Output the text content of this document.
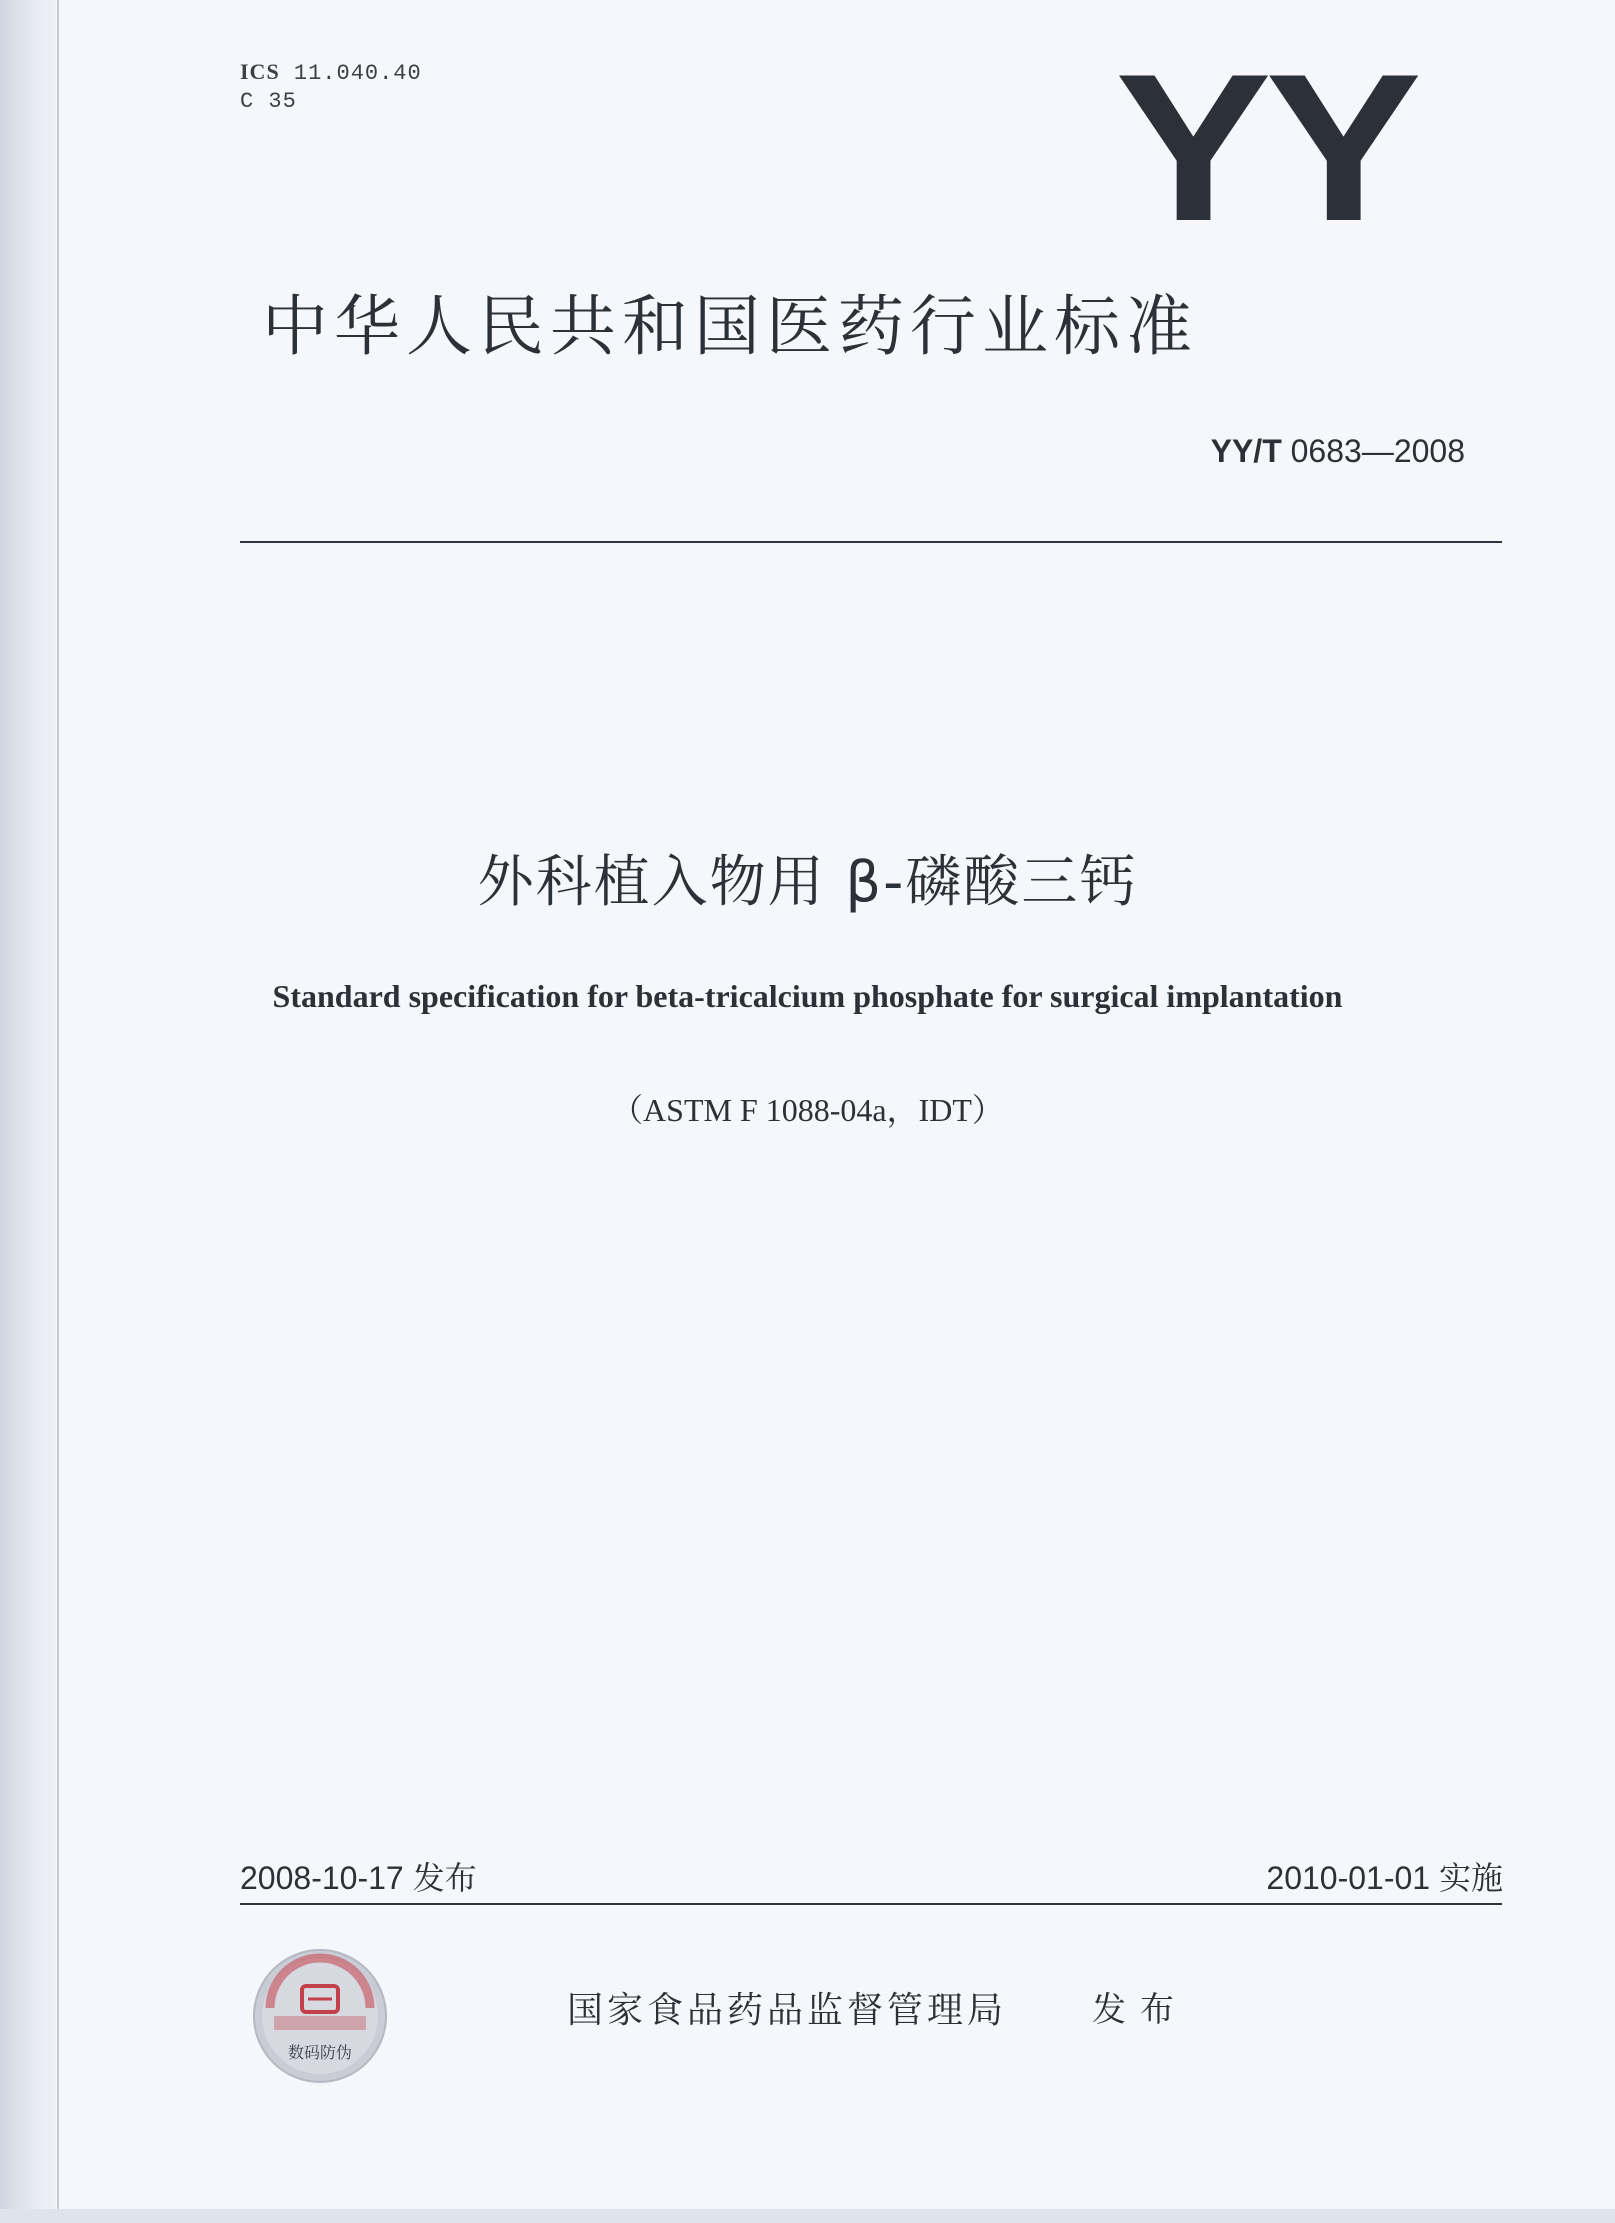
ICS 11.040.40
C 35	YY
中华人民共和国医药行业标准
YY/T 0683—2008
外科植入物用 β-磷酸三钙
Standard specification for beta-tricalcium phosphate for surgical implantation
（ASTM F 1088-04a，IDT）
2008-10-17 发布	2010-01-01 实施
数码防伪
国家食品药品监督管理局 发布
